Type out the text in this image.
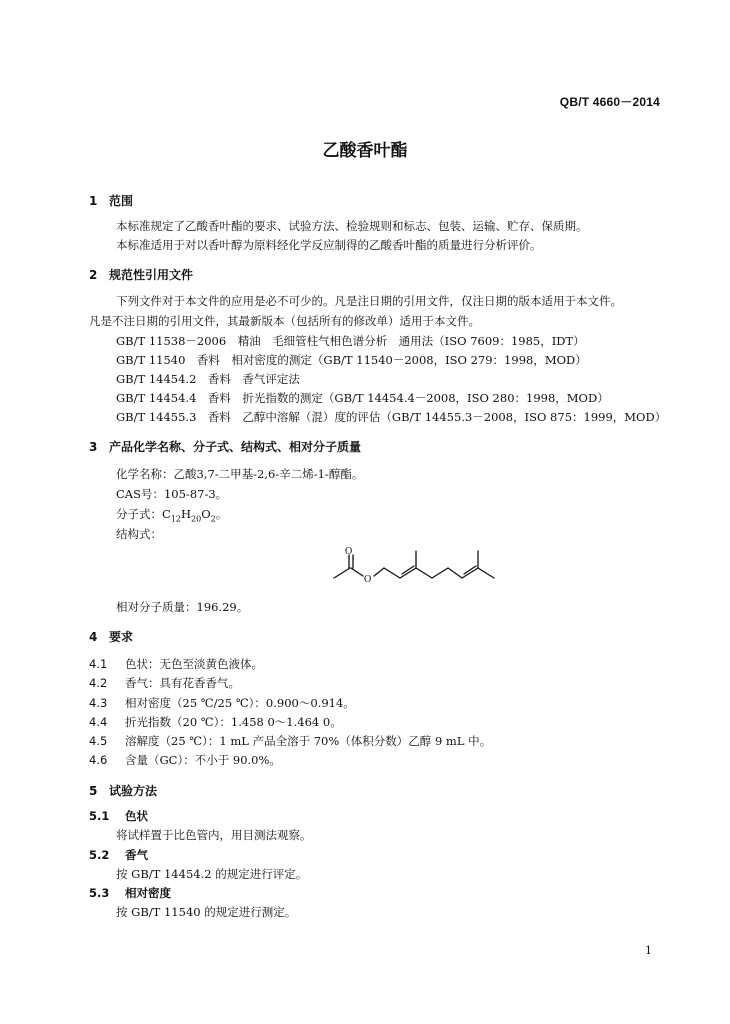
QB/T 4660－2014
乙酸香叶酯
1 范围
本标准规定了乙酸香叶酯的要求、试验方法、检验规则和标志、包装、运输、贮存、保质期。
本标准适用于对以香叶醇为原料经化学反应制得的乙酸香叶酯的质量进行分析评价。
2 规范性引用文件
下列文件对于本文件的应用是必不可少的。凡是注日期的引用文件，仅注日期的版本适用于本文件。
凡是不注日期的引用文件，其最新版本（包括所有的修改单）适用于本文件。
GB/T 11538－2006　精油　毛细管柱气相色谱分析　通用法（ISO 7609：1985，IDT）
GB/T 11540　香料　相对密度的测定（GB/T 11540－2008，ISO 279：1998，MOD）
GB/T 14454.2　香料　香气评定法
GB/T 14454.4　香料　折光指数的测定（GB/T 14454.4－2008，ISO 280：1998，MOD）
GB/T 14455.3　香料　乙醇中溶解（混）度的评估（GB/T 14455.3－2008，ISO 875：1999，MOD）
3 产品化学名称、分子式、结构式、相对分子质量
化学名称：乙酸3,7-二甲基-2,6-辛二烯-1-醇酯。
CAS号：105-87-3。
分子式：$C_{12}H_{20}O_2$。
结构式：
O
O
相对分子质量：196.29。
4 要求
4.1 色状：无色至淡黄色液体。
4.2 香气：具有花香香气。
4.3 相对密度（25 ℃/25 ℃）：0.900～0.914。
4.4 折光指数（20 ℃）：1.458 0～1.464 0。
4.5 溶解度（25 ℃）：1 mL 产品全溶于 70%（体积分数）乙醇 9 mL 中。
4.6 含量（GC）：不小于 90.0%。
5 试验方法
5.1 色状
将试样置于比色管内，用目测法观察。
5.2 香气
按 GB/T 14454.2 的规定进行评定。
5.3 相对密度
按 GB/T 11540 的规定进行测定。
1
